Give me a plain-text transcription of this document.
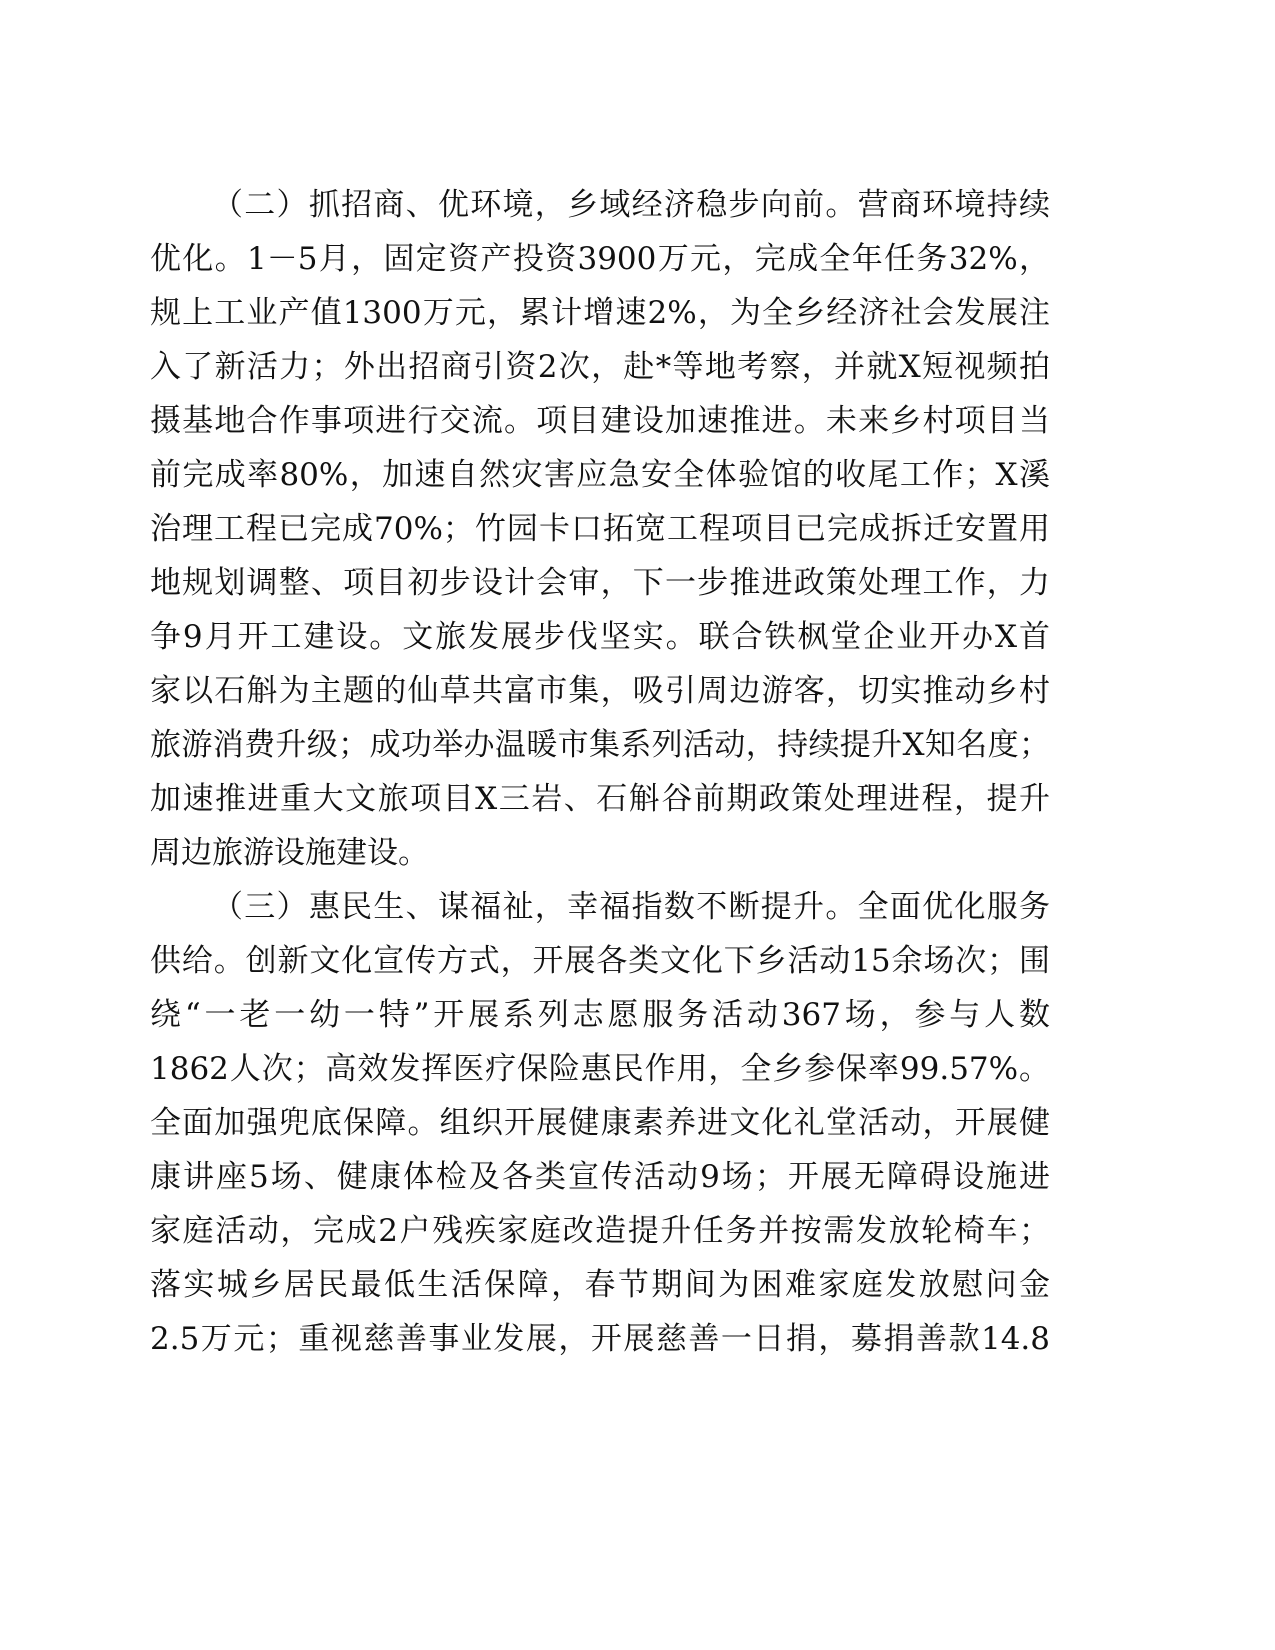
（二）抓招商、优环境，乡域经济稳步向前。营商环境持续
优化。1－5月，固定资产投资3900万元，完成全年任务32%，
规上工业产值1300万元，累计增速2%，为全乡经济社会发展注
入了新活力；外出招商引资2次，赴*等地考察，并就X短视频拍
摄基地合作事项进行交流。项目建设加速推进。未来乡村项目当
前完成率80%，加速自然灾害应急安全体验馆的收尾工作；X溪
治理工程已完成70%；竹园卡口拓宽工程项目已完成拆迁安置用
地规划调整、项目初步设计会审，下一步推进政策处理工作，力
争9月开工建设。文旅发展步伐坚实。联合铁枫堂企业开办X首
家以石斛为主题的仙草共富市集，吸引周边游客，切实推动乡村
旅游消费升级；成功举办温暖市集系列活动，持续提升X知名度；
加速推进重大文旅项目X三岩、石斛谷前期政策处理进程，提升
周边旅游设施建设。
（三）惠民生、谋福祉，幸福指数不断提升。全面优化服务
供给。创新文化宣传方式，开展各类文化下乡活动15余场次；围
绕“一老一幼一特”开展系列志愿服务活动367场，参与人数
1862人次；高效发挥医疗保险惠民作用，全乡参保率99.57%。
全面加强兜底保障。组织开展健康素养进文化礼堂活动，开展健
康讲座5场、健康体检及各类宣传活动9场；开展无障碍设施进
家庭活动，完成2户残疾家庭改造提升任务并按需发放轮椅车；
落实城乡居民最低生活保障，春节期间为困难家庭发放慰问金
2.5万元；重视慈善事业发展，开展慈善一日捐，募捐善款14.8
